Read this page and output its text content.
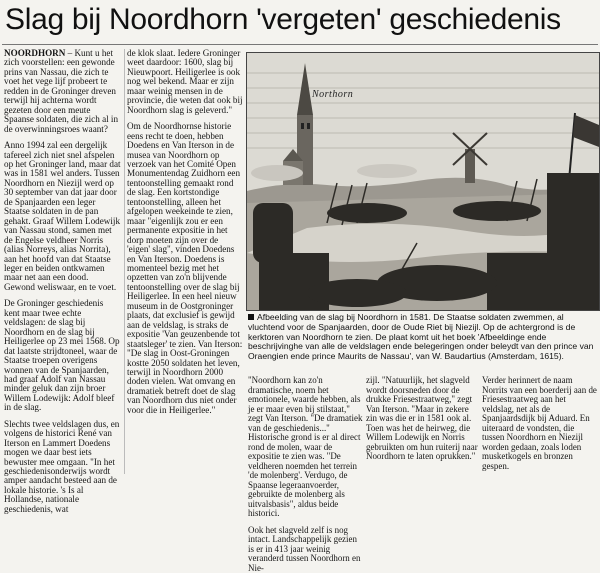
Slag bij Noordhorn 'vergeten' geschiedenis

NOORDHORN – Kunt u het zich voorstellen: een gewonde prins van Nassau, die zich te voet het vege lijf probeert te redden in de Groninger dreven terwijl hij achterna wordt gezeten door een meute Spaanse soldaten, die zich al in de overwinningsroes waant?

Anno 1994 zal een dergelijk tafereel zich niet snel afspelen op het Groninger land, maar dat was in 1581 wel anders. Tussen Noordhorn en Niezijl werd op 30 september van dat jaar door de Spanjaarden een leger Staatse soldaten in de pan gehakt. Graaf Willem Lodewijk van Nassau stond, samen met de Engelse veldheer Norris (alias Norreys, alias Norrita), aan het hoofd van dat Staatse leger en beiden ontkwamen maar net aan een dood. Gewond weliswaar, en te voet.

De Groninger geschiedenis kent maar twee echte veldslagen: de slag bij Noordhorn en de slag bij Heiligerlee op 23 mei 1568. Op dat laatste strijdtoneel, waar de Staatse troepen overigens wonnen van de Spanjaarden, had graaf Adolf van Nassau minder geluk dan zijn broer Willem Lodewijk: Adolf bleef in de slag.

Slechts twee veldslagen dus, en volgens de historici René van Iterson en Lammert Doedens mogen we daar best iets bewuster mee omgaan. "In het geschiedenisonderwijs wordt amper aandacht besteed aan de lokale historie. 's Is al Hollandse, nationale geschiedenis, wat

de klok slaat. Iedere Groninger weet daardoor: 1600, slag bij Nieuwpoort. Heiligerlee is ook nog wel bekend. Maar er zijn maar weinig mensen in de provincie, die weten dat ook bij Noordhorn slag is geleverd."

Om de Noordhornse historie eens recht te doen, hebben Doedens en Van Iterson in de musea van Noordhorn op verzoek van het Comité Open Monumentendag Zuidhorn een tentoonstelling gemaakt rond de slag. Een kortstondige tentoonstelling, alleen het afgelopen weekeinde te zien, maar "eigenlijk zou er een permanente expositie in het dorp moeten zijn over de 'eigen' slag", vinden Doedens en Van Iterson. Doedens is momenteel bezig met het opzetten van zo'n blijvende tentoonstelling over de slag bij Heiligerlee. In een heel nieuw museum in de Oostgroninger plaats, dat exclusief is gewijd aan de veldslag, is straks de expositie 'Van geuzenbende tot staatsleger' te zien. Van Iterson: "De slag in Oost-Groningen kostte 2050 soldaten het leven, terwijl in Noordhorn 2000 doden vielen. Wat omvang en dramatiek betreft doet de slag van Noordhorn dus niet onder voor die in Heiligerlee."

Northorn
Afbeelding van de slag bij Noordhorn in 1581. De Staatse soldaten zwemmen, al vluchtend voor de Spanjaarden, door de Oude Riet bij Niezijl. Op de achtergrond is de kerktoren van Noordhorn te zien. De plaat komt uit het boek 'Afbeeldinge ende beschrijvinghe van alle de veldslagen ende belegeringen onder beleydt van den prince van Oraengien ende prince Maurits de Nassau', van W. Baudartius (Amsterdam, 1615).

"Noordhorn kan zo'n dramatische, noem het emotionele, waarde hebben, als je er maar even bij stilstaat," zegt Van Iterson. "De dramatiek van de geschiedenis..."

Historische grond is er al direct rond de molen, waar de expositie te zien was. "De veldheren noemden het terrein 'de molenberg'. Verdugo, de Spaanse legeraanvoerder, gebruikte de molenberg als uitvalsbasis", aldus beide historici.

Ook het slagveld zelf is nog intact. Landschappelijk gezien is er in 413 jaar weinig veranderd tussen Noordhorn en Nie-

zijl. "Natuurlijk, het slagveld wordt doorsneden door de drukke Friesestraatweg," zegt Van Iterson. "Maar in zekere zin was die er in 1581 ook al. Toen was het de heirweg, die Willem Lodewijk en Norris gebruikten om hun ruiterij naar Noordhorn te laten oprukken."

Verder herinnert de naam Norrits van een boerderij aan de Friesestraatweg aan het veldslag, net als de Spanjaardsdijk bij Aduard. En uiteraard de vondsten, die tussen Noordhorn en Niezijl worden gedaan, zoals loden musketkogels en bronzen gespen.
